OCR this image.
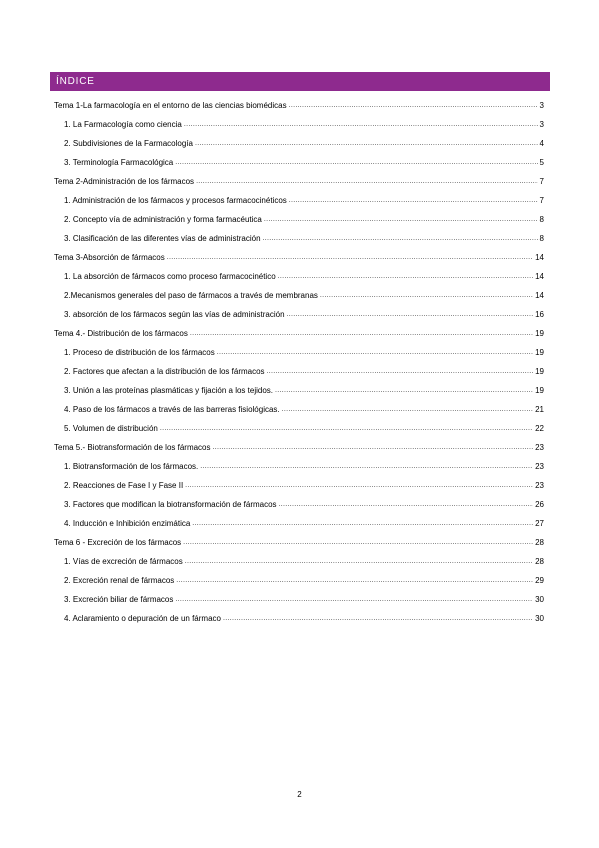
ÍNDICE
Tema 1-La farmacología en el entorno de las ciencias biomédicas .....	3
1. La Farmacología como ciencia .....	3
2. Subdivisiones de la Farmacología .....	4
3. Terminología Farmacológica .....	5
Tema 2-Administración de los fármacos .....	7
1. Administración de los fármacos y procesos farmacocinéticos .....	7
2. Concepto vía de administración y forma farmacéutica .....	8
3. Clasificación de las diferentes vías de administración .....	8
Tema 3-Absorción de fármacos .....	14
1. La absorción de fármacos como proceso farmacocinético .....	14
2.Mecanismos generales del paso de fármacos a través de membranas .....	14
3. absorción de los fármacos según las vías de administración .....	16
Tema 4.- Distribución de los fármacos .....	19
1. Proceso de distribución de los fármacos .....	19
2. Factores que afectan a la distribución de los fármacos .....	19
3. Unión a las proteínas plasmáticas y fijación a los tejidos. .....	19
4. Paso de los fármacos a través de las barreras fisiológicas. .....	21
5. Volumen de distribución .....	22
Tema 5.- Biotransformación de los fármacos .....	23
1. Biotransformación de los fármacos. .....	23
2. Reacciones de Fase I y Fase II .....	23
3. Factores que modifican la biotransformación de fármacos .....	26
4. Inducción e Inhibición enzimática .....	27
Tema 6 - Excreción de los fármacos .....	28
1. Vías de excreción de fármacos .....	28
2. Excreción renal de fármacos .....	29
3. Excreción biliar de fármacos .....	30
4. Aclaramiento o depuración de un fármaco .....	30
2
